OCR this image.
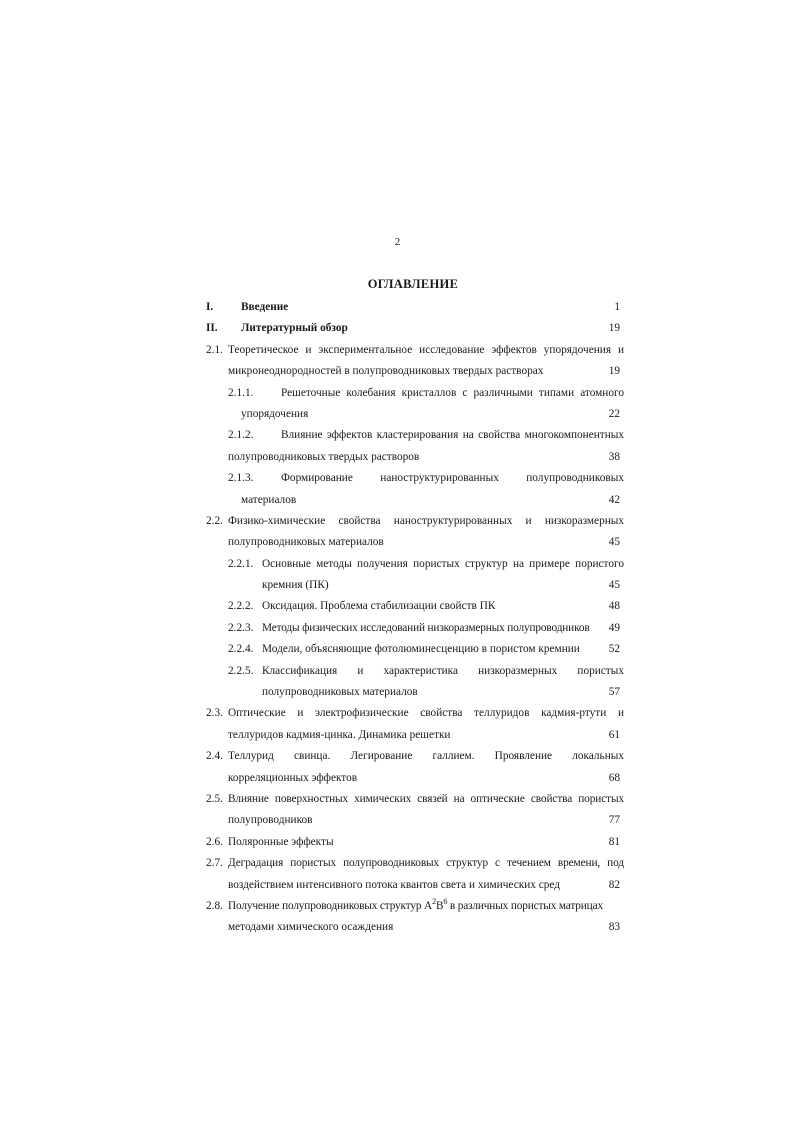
2
ОГЛАВЛЕНИЕ
I. Введение	1
II. Литературный обзор	19
2.1. Теоретическое и экспериментальное исследование эффектов упорядочения и
микронеоднородностей в полупроводниковых твердых растворах	19
2.1.1. Решеточные колебания кристаллов с различными типами атомного
упорядочения	22
2.1.2. Влияние эффектов кластерирования на свойства многокомпонентных
полупроводниковых твердых растворов	38
2.1.3. Формирование наноструктурированных полупроводниковых
материалов	42
2.2. Физико-химические свойства наноструктурированных и низкоразмерных
полупроводниковых материалов	45
2.2.1. Основные методы получения пористых структур на примере пористого
кремния (ПК)	45
2.2.2. Оксидация. Проблема стабилизации свойств ПК	48
2.2.3. Методы физических исследований низкоразмерных полупроводников 49
2.2.4. Модели, объясняющие фотолюминесценцию в пористом кремнии	52
2.2.5. Классификация и характеристика низкоразмерных пористых
полупроводниковых материалов	57
2.3. Оптические и электрофизические свойства теллуридов кадмия-ртути и
теллуридов кадмия-цинка. Динамика решетки	61
2.4. Теллурид свинца. Легирование галлием. Проявление локальных
корреляционных эффектов	68
2.5. Влияние поверхностных химических связей на оптические свойства пористых
полупроводников	77
2.6. Поляронные эффекты	81
2.7. Деградация пористых полупроводниковых структур с течением времени, под
воздействием интенсивного потока квантов света и химических сред	82
2.8. Получение полупроводниковых структур $A^2B^6$ в различных пористых матрицах
методами химического осаждения	83
